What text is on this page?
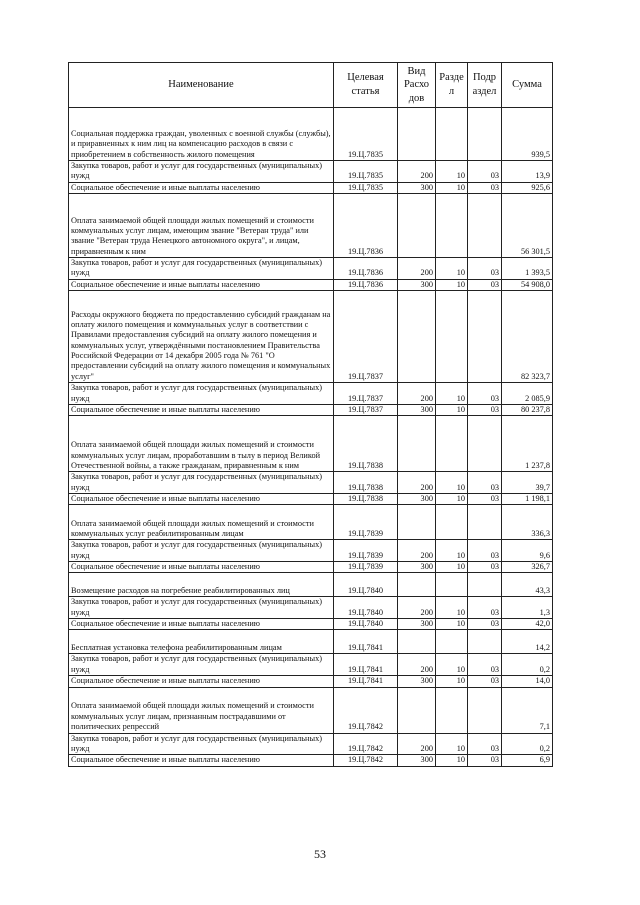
Наименование	Целевая статья	Вид Расхо дов	Разде л	Подр аздел	Сумма
Социальная поддержка граждан, уволенных с военной службы (службы), и приравненных к ним лиц на компенсацию расходов в связи с приобретением в собственность жилого помещения	19.Ц.7835				939,5
Закупка товаров, работ и услуг для государственных (муниципальных) нужд	19.Ц.7835	200	10	03	13,9
Социальное обеспечение и иные выплаты населению	19.Ц.7835	300	10	03	925,6
Оплата занимаемой общей площади жилых помещений и стоимости коммунальных услуг лицам, имеющим звание "Ветеран труда" или звание "Ветеран труда Ненецкого автономного округа", и лицам, приравненным к ним	19.Ц.7836				56 301,5
Закупка товаров, работ и услуг для государственных (муниципальных) нужд	19.Ц.7836	200	10	03	1 393,5
Социальное обеспечение и иные выплаты населению	19.Ц.7836	300	10	03	54 908,0
Расходы окружного бюджета по предоставлению субсидий гражданам на оплату жилого помещения и коммунальных услуг в соответствии с Правилами предоставления субсидий на оплату жилого помещения и коммунальных услуг, утверждёнными постановлением Правительства Российской Федерации от 14 декабря 2005 года № 761 "О предоставлении субсидий на оплату жилого помещения и коммунальных услуг"	19.Ц.7837				82 323,7
Закупка товаров, работ и услуг для государственных (муниципальных) нужд	19.Ц.7837	200	10	03	2 085,9
Социальное обеспечение и иные выплаты населению	19.Ц.7837	300	10	03	80 237,8
Оплата занимаемой общей площади жилых помещений и стоимости коммунальных услуг лицам, проработавшим в тылу в период Великой Отечественной войны, а также гражданам, приравненным к ним	19.Ц.7838				1 237,8
Закупка товаров, работ и услуг для государственных (муниципальных) нужд	19.Ц.7838	200	10	03	39,7
Социальное обеспечение и иные выплаты населению	19.Ц.7838	300	10	03	1 198,1
Оплата занимаемой общей площади жилых помещений и стоимости коммунальных услуг реабилитированным лицам	19.Ц.7839				336,3
Закупка товаров, работ и услуг для государственных (муниципальных) нужд	19.Ц.7839	200	10	03	9,6
Социальное обеспечение и иные выплаты населению	19.Ц.7839	300	10	03	326,7
Возмещение расходов на погребение реабилитированных лиц	19.Ц.7840				43,3
Закупка товаров, работ и услуг для государственных (муниципальных) нужд	19.Ц.7840	200	10	03	1,3
Социальное обеспечение и иные выплаты населению	19.Ц.7840	300	10	03	42,0
Бесплатная установка телефона реабилитированным лицам	19.Ц.7841				14,2
Закупка товаров, работ и услуг для государственных (муниципальных) нужд	19.Ц.7841	200	10	03	0,2
Социальное обеспечение и иные выплаты населению	19.Ц.7841	300	10	03	14,0
Оплата занимаемой общей площади жилых помещений и стоимости коммунальных услуг лицам, признанным пострадавшими от политических репрессий	19.Ц.7842				7,1
Закупка товаров, работ и услуг для государственных (муниципальных) нужд	19.Ц.7842	200	10	03	0,2
Социальное обеспечение и иные выплаты населению	19.Ц.7842	300	10	03	6,9
53
